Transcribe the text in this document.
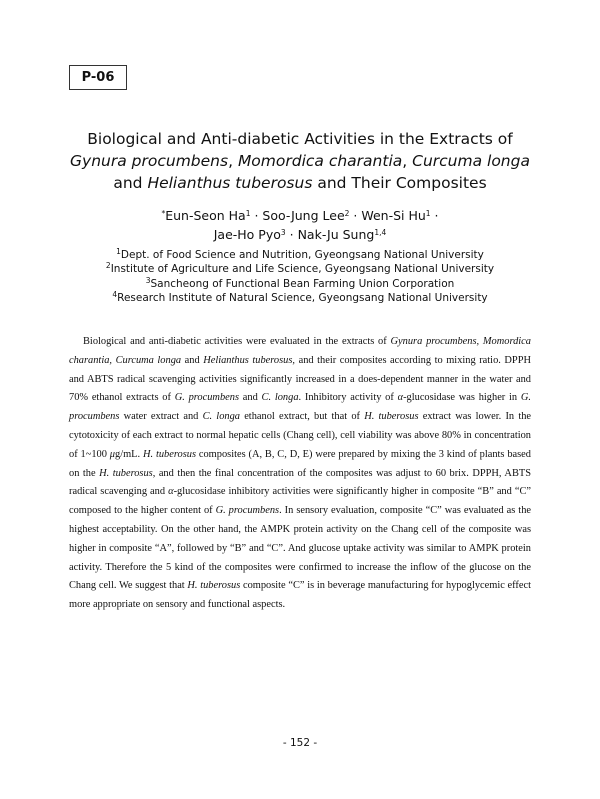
P-06
Biological and Anti-diabetic Activities in the Extracts of
Gynura procumbens, Momordica charantia, Curcuma longa
and Helianthus tuberosus and Their Composites
*Eun-Seon $Ha^1$ · Soo-Jung Lee$^2$ · Wen-Si $Hu^1$ ·
Jae-Ho Pyo$^3$ · Nak-Ju Sung$^{1,4}$
$^1$Dept. of Food Science and Nutrition, Gyeongsang National University
$^2$Institute of Agriculture and Life Science, Gyeongsang National University
$^3$Sancheong of Functional Bean Farming Union Corporation
$^4$Research Institute of Natural Science, Gyeongsang National University
Biological and anti-diabetic activities were evaluated in the extracts of Gynura procumbens, Momordica charantia, Curcuma longa and Helianthus tuberosus, and their composites according to mixing ratio. DPPH and ABTS radical scavenging activities significantly increased in a does-dependent manner in the water and 70% ethanol extracts of G. procumbens and C. longa. Inhibitory activity of α-glucosidase was higher in G. procumbens water extract and C. longa ethanol extract, but that of H. tuberosus extract was lower. In the cytotoxicity of each extract to normal hepatic cells (Chang cell), cell viability was above 80% in concentration of 1~100 μg/mL. H. tuberosus composites (A, B, C, D, E) were prepared by mixing the 3 kind of plants based on the H. tuberosus, and then the final concentration of the composites was adjust to 60 brix. DPPH, ABTS radical scavenging and α-glucosidase inhibitory activities were significantly higher in composite “B” and “C” composed to the higher content of G. procumbens. In sensory evaluation, composite “C” was evaluated as the highest acceptability. On the other hand, the AMPK protein activity on the Chang cell of the composite was higher in composite “A”, followed by “B” and “C”. And glucose uptake activity was similar to AMPK protein activity. Therefore the 5 kind of the composites were confirmed to increase the inflow of the glucose on the Chang cell. We suggest that H. tuberosus composite “C” is in beverage manufacturing for hypoglycemic effect more appropriate on sensory and functional aspects.
- 152 -
